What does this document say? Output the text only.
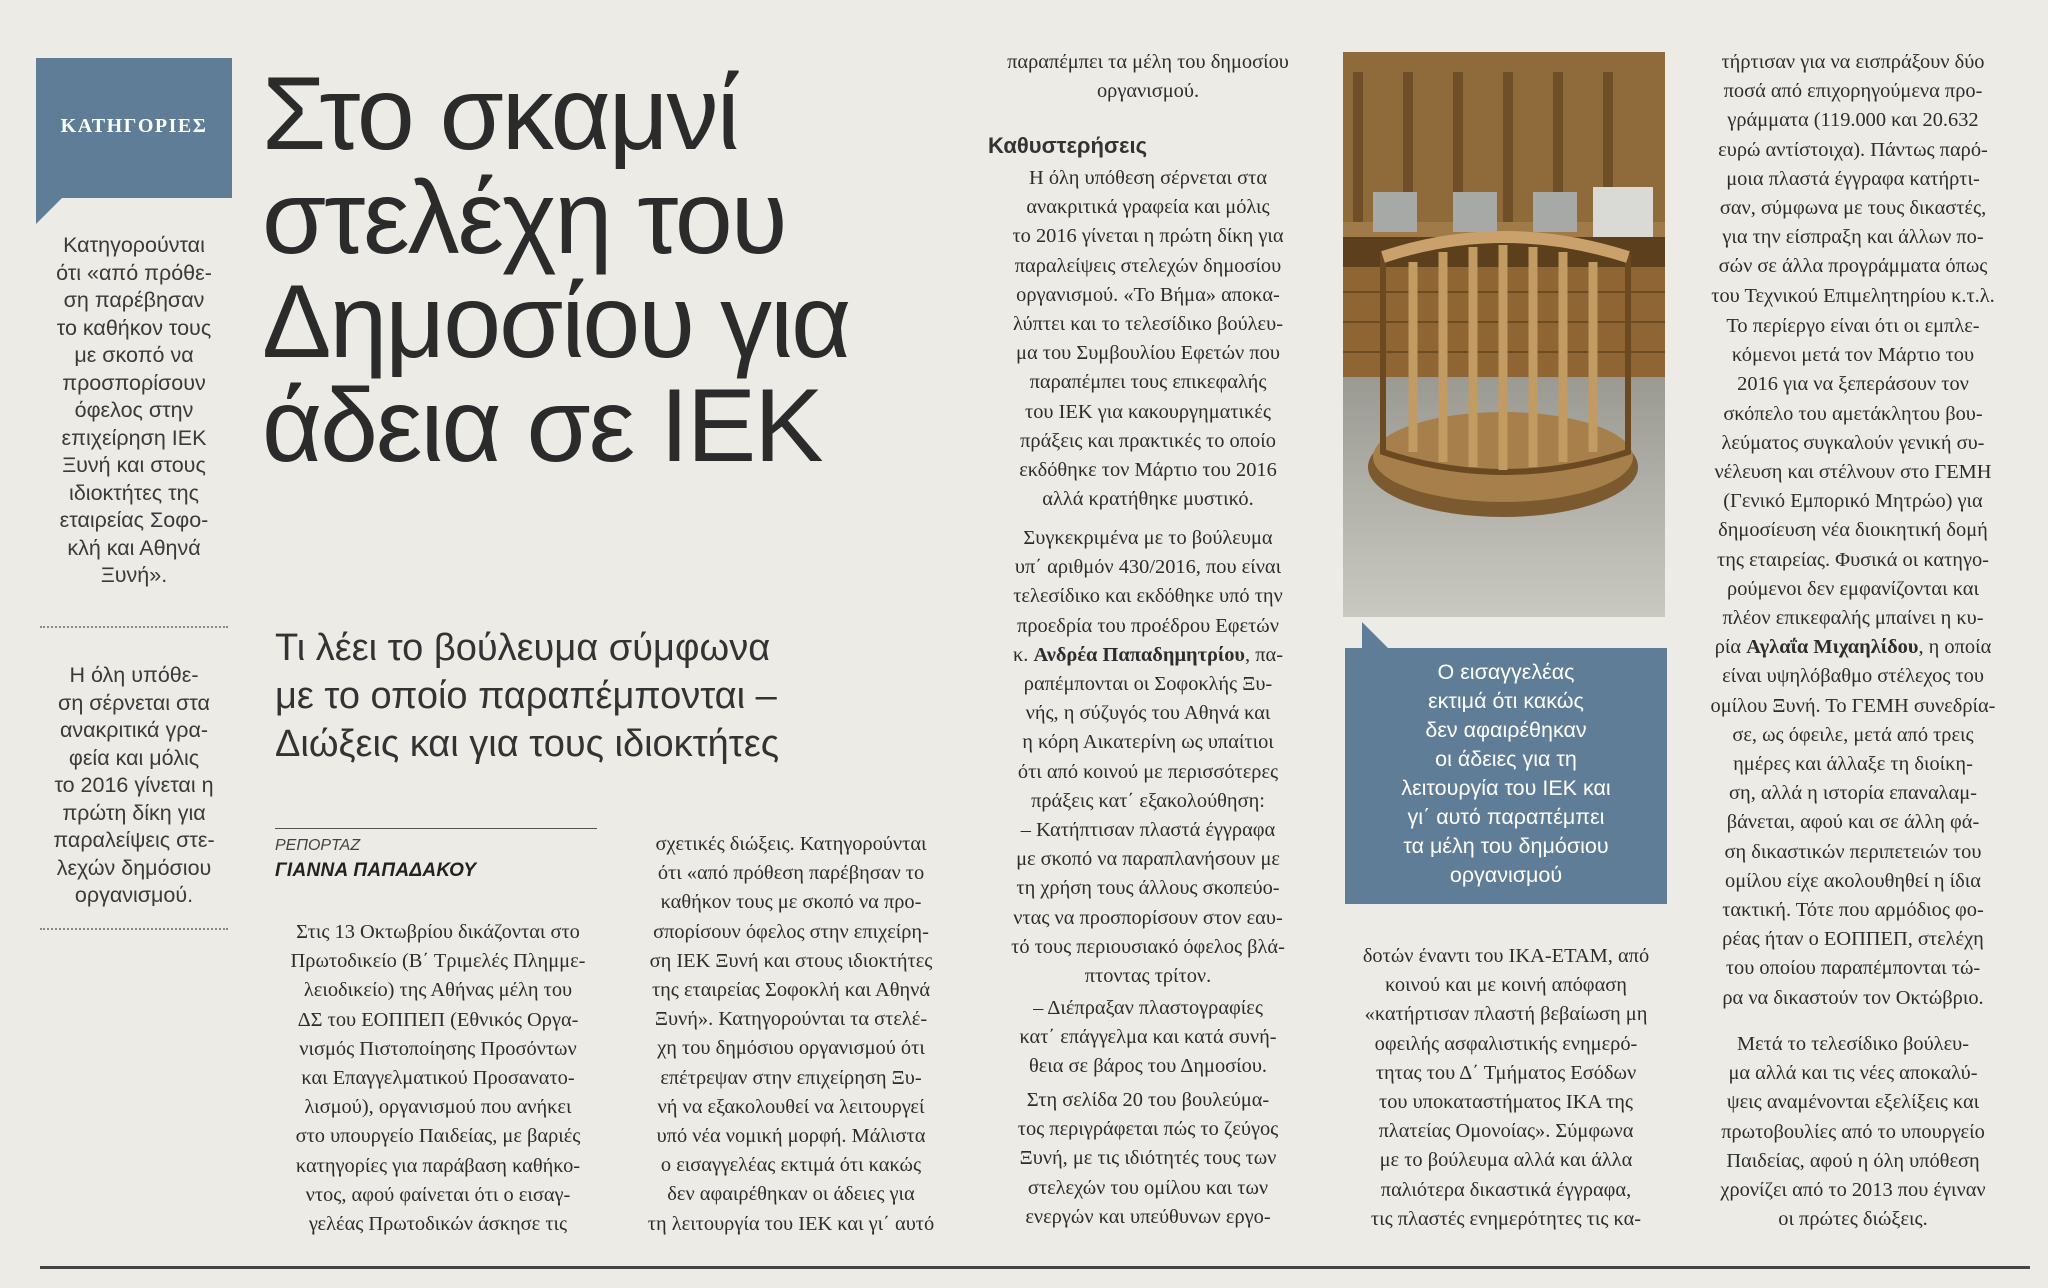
ΚΑΤΗΓΟΡΙΕΣ
Κατηγορούνται
ότι «από πρόθε-
ση παρέβησαν
το καθήκον τους
με σκοπό να
προσπορίσουν
όφελος στην
επιχείρηση ΙΕΚ
Ξυνή και στους
ιδιοκτήτες της
εταιρείας Σοφο-
κλή και Αθηνά
Ξυνή».
Η όλη υπόθε-
ση σέρνεται στα
ανακριτικά γρα-
φεία και μόλις
το 2016 γίνεται η
πρώτη δίκη για
παραλείψεις στε-
λεχών δημόσιου
οργανισμού.
Στο σκαμνί
στελέχη του
Δημοσίου για
άδεια σε ΙΕΚ
Τι λέει το βούλευμα σύμφωνα
με το οποίο παραπέμπονται –
Διώξεις και για τους ιδιοκτήτες
ΡΕΠΟΡΤΑΖ
ΓΙΑΝΝΑ ΠΑΠΑΔΑΚΟΥ
Στις 13 Οκτωβρίου δικάζονται στο
Πρωτοδικείο (Β΄ Τριμελές Πλημμε-
λειοδικείο) της Αθήνας μέλη του
ΔΣ του ΕΟΠΠΕΠ (Εθνικός Οργα-
νισμός Πιστοποίησης Προσόντων
και Επαγγελματικού Προσανατο-
λισμού), οργανισμού που ανήκει
στο υπουργείο Παιδείας, με βαριές
κατηγορίες για παράβαση καθήκο-
ντος, αφού φαίνεται ότι ο εισαγ-
γελέας Πρωτοδικών άσκησε τις
σχετικές διώξεις. Κατηγορούνται
ότι «από πρόθεση παρέβησαν το
καθήκον τους με σκοπό να προ-
σπορίσουν όφελος στην επιχείρη-
ση ΙΕΚ Ξυνή και στους ιδιοκτήτες
της εταιρείας Σοφοκλή και Αθηνά
Ξυνή». Κατηγορούνται τα στελέ-
χη του δημόσιου οργανισμού ότι
επέτρεψαν στην επιχείρηση Ξυ-
νή να εξακολουθεί να λειτουργεί
υπό νέα νομική μορφή. Μάλιστα
ο εισαγγελέας εκτιμά ότι κακώς
δεν αφαιρέθηκαν οι άδειες για
τη λειτουργία του ΙΕΚ και γι΄ αυτό
παραπέμπει τα μέλη του δημοσίου
οργανισμού.
Καθυστερήσεις
Η όλη υπόθεση σέρνεται στα
ανακριτικά γραφεία και μόλις
το 2016 γίνεται η πρώτη δίκη για
παραλείψεις στελεχών δημοσίου
οργανισμού. «Το Βήμα» αποκα-
λύπτει και το τελεσίδικο βούλευ-
μα του Συμβουλίου Εφετών που
παραπέμπει τους επικεφαλής
του ΙΕΚ για κακουργηματικές
πράξεις και πρακτικές το οποίο
εκδόθηκε τον Μάρτιο του 2016
αλλά κρατήθηκε μυστικό.
Συγκεκριμένα με το βούλευμα
υπ΄ αριθμόν 430/2016, που είναι
τελεσίδικο και εκδόθηκε υπό την
προεδρία του προέδρου Εφετών
κ. Ανδρέα Παπαδημητρίου, πα-
ραπέμπονται οι Σοφοκλής Ξυ-
νής, η σύζυγός του Αθηνά και
η κόρη Αικατερίνη ως υπαίτιοι
ότι από κοινού με περισσότερες
πράξεις κατ΄ εξακολούθηση:
– Κατήπτισαν πλαστά έγγραφα
με σκοπό να παραπλανήσουν με
τη χρήση τους άλλους σκοπεύο-
ντας να προσπορίσουν στον εαυ-
τό τους περιουσιακό όφελος βλά-
πτοντας τρίτον.
– Διέπραξαν πλαστογραφίες
κατ΄ επάγγελμα και κατά συνή-
θεια σε βάρος του Δημοσίου.
Στη σελίδα 20 του βουλεύμα-
τος περιγράφεται πώς το ζεύγος
Ξυνή, με τις ιδιότητές τους των
στελεχών του ομίλου και των
ενεργών και υπεύθυνων εργο-
Ο εισαγγελέας
εκτιμά ότι κακώς
δεν αφαιρέθηκαν
οι άδειες για τη
λειτουργία του ΙΕΚ και
γι΄ αυτό παραπέμπει
τα μέλη του δημόσιου
οργανισμού
δοτών έναντι του ΙΚΑ-ΕΤΑΜ, από
κοινού και με κοινή απόφαση
«κατήρτισαν πλαστή βεβαίωση μη
οφειλής ασφαλιστικής ενημερό-
τητας του Δ΄ Τμήματος Εσόδων
του υποκαταστήματος ΙΚΑ της
πλατείας Ομονοίας». Σύμφωνα
με το βούλευμα αλλά και άλλα
παλιότερα δικαστικά έγγραφα,
τις πλαστές ενημερότητες τις κα-
τήρτισαν για να εισπράξουν δύο
ποσά από επιχορηγούμενα προ-
γράμματα (119.000 και 20.632
ευρώ αντίστοιχα). Πάντως παρό-
μοια πλαστά έγγραφα κατήρτι-
σαν, σύμφωνα με τους δικαστές,
για την είσπραξη και άλλων πο-
σών σε άλλα προγράμματα όπως
του Τεχνικού Επιμελητηρίου κ.τ.λ.
Το περίεργο είναι ότι οι εμπλε-
κόμενοι μετά τον Μάρτιο του
2016 για να ξεπεράσουν τον
σκόπελο του αμετάκλητου βου-
λεύματος συγκαλούν γενική συ-
νέλευση και στέλνουν στο ΓΕΜΗ
(Γενικό Εμπορικό Μητρώο) για
δημοσίευση νέα διοικητική δομή
της εταιρείας. Φυσικά οι κατηγο-
ρούμενοι δεν εμφανίζονται και
πλέον επικεφαλής μπαίνει η κυ-
ρία Αγλαΐα Μιχαηλίδου, η οποία
είναι υψηλόβαθμο στέλεχος του
ομίλου Ξυνή. Το ΓΕΜΗ συνεδρία-
σε, ως όφειλε, μετά από τρεις
ημέρες και άλλαξε τη διοίκη-
ση, αλλά η ιστορία επαναλαμ-
βάνεται, αφού και σε άλλη φά-
ση δικαστικών περιπετειών του
ομίλου είχε ακολουθηθεί η ίδια
τακτική. Τότε που αρμόδιος φο-
ρέας ήταν ο ΕΟΠΠΕΠ, στελέχη
του οποίου παραπέμπονται τώ-
ρα να δικαστούν τον Οκτώβριο.
Μετά το τελεσίδικο βούλευ-
μα αλλά και τις νέες αποκαλύ-
ψεις αναμένονται εξελίξεις και
πρωτοβουλίες από το υπουργείο
Παιδείας, αφού η όλη υπόθεση
χρονίζει από το 2013 που έγιναν
οι πρώτες διώξεις.
